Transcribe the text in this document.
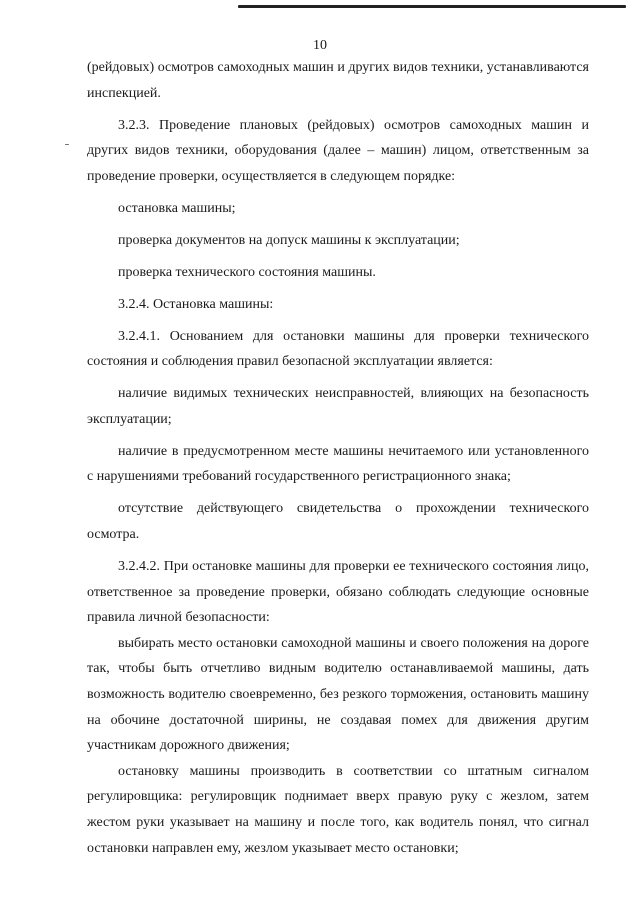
10

(рейдовых) осмотров самоходных машин и других видов техники, устанавливаются инспекцией.

3.2.3. Проведение плановых (рейдовых) осмотров самоходных машин и других видов техники, оборудования (далее – машин) лицом, ответственным за проведение проверки, осуществляется в следующем порядке:

остановка машины;

проверка документов на допуск машины к эксплуатации;

проверка технического состояния машины.

3.2.4. Остановка машины:

3.2.4.1. Основанием для остановки машины для проверки технического состояния и соблюдения правил безопасной эксплуатации является:

наличие видимых технических неисправностей, влияющих на безопасность эксплуатации;

наличие в предусмотренном месте машины нечитаемого или установленного с нарушениями требований государственного регистрационного знака;

отсутствие действующего свидетельства о прохождении технического осмотра.

3.2.4.2. При остановке машины для проверки ее технического состояния лицо, ответственное за проведение проверки, обязано соблюдать следующие основные правила личной безопасности:

выбирать место остановки самоходной машины и своего положения на дороге так, чтобы быть отчетливо видным водителю останавливаемой машины, дать возможность водителю своевременно, без резкого торможения, остановить машину на обочине достаточной ширины, не создавая помех для движения другим участникам дорожного движения;

остановку машины производить в соответствии со штатным сигналом регулировщика: регулировщик поднимает вверх правую руку с жезлом, затем жестом руки указывает на машину и после того, как водитель понял, что сигнал остановки направлен ему, жезлом указывает место остановки;
